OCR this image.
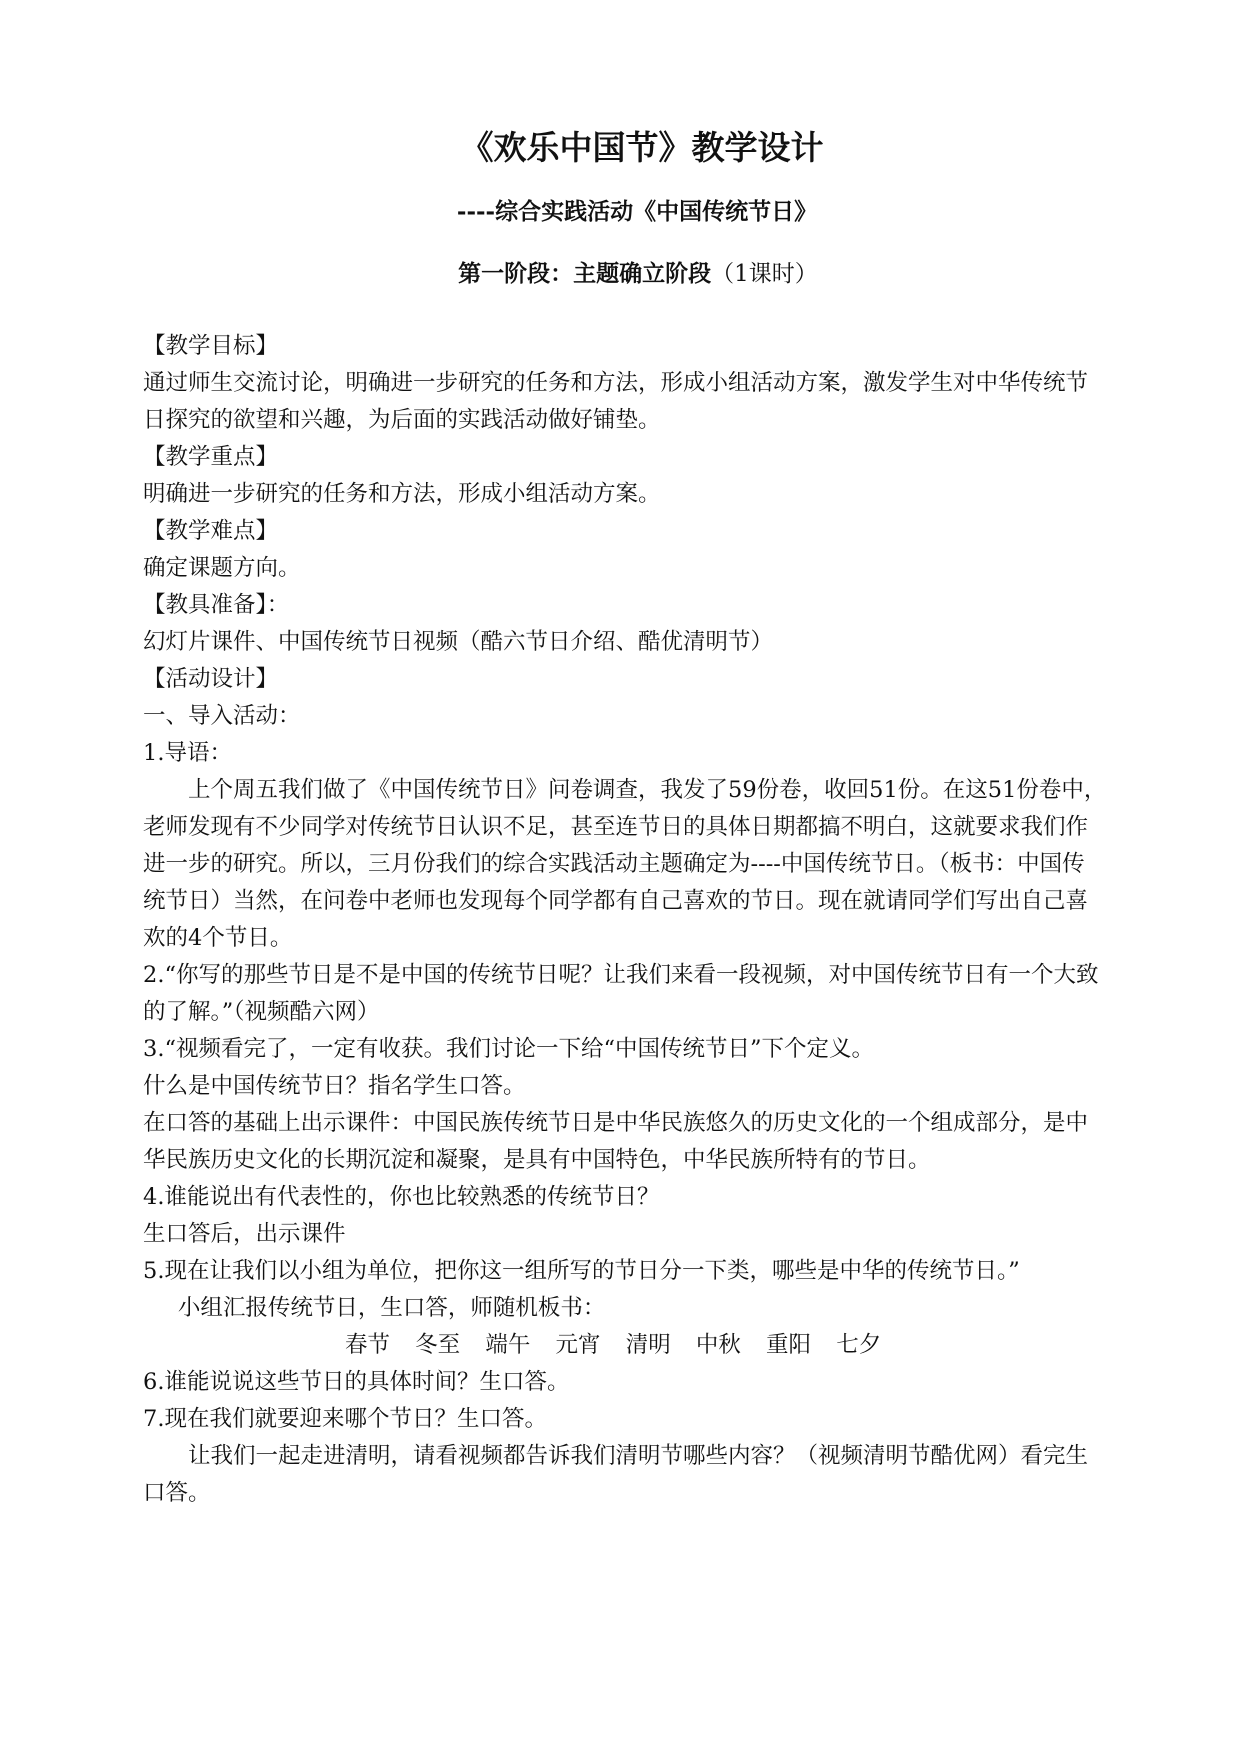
《欢乐中国节》教学设计
----综合实践活动《中国传统节日》

第一阶段：主题确立阶段（1课时）

【教学目标】

通过师生交流讨论，明确进一步研究的任务和方法，形成小组活动方案，激发学生对中华传统节日探究的欲望和兴趣，为后面的实践活动做好铺垫。

【教学重点】

明确进一步研究的任务和方法，形成小组活动方案。

【教学难点】

确定课题方向。

【教具准备】：

幻灯片课件、中国传统节日视频（酷六节日介绍、酷优清明节）

【活动设计】

一、导入活动：

1.导语：

上个周五我们做了《中国传统节日》问卷调查，我发了59份卷，收回51份。在这51份卷中，老师发现有不少同学对传统节日认识不足，甚至连节日的具体日期都搞不明白，这就要求我们作进一步的研究。所以，三月份我们的综合实践活动主题确定为----中国传统节日。（板书：中国传统节日）当然，在问卷中老师也发现每个同学都有自己喜欢的节日。现在就请同学们写出自己喜欢的4个节日。

2.“你写的那些节日是不是中国的传统节日呢？让我们来看一段视频，对中国传统节日有一个大致的了解。”（视频酷六网）

3.“视频看完了，一定有收获。我们讨论一下给“中国传统节日”下个定义。

什么是中国传统节日？指名学生口答。

在口答的基础上出示课件：中国民族传统节日是中华民族悠久的历史文化的一个组成部分，是中华民族历史文化的长期沉淀和凝聚，是具有中国特色，中华民族所特有的节日。

4.谁能说出有代表性的，你也比较熟悉的传统节日？

生口答后，出示课件

5.现在让我们以小组为单位，把你这一组所写的节日分一下类，哪些是中华的传统节日。”

小组汇报传统节日，生口答，师随机板书：

春节 冬至 端午 元宵 清明 中秋 重阳 七夕

6.谁能说说这些节日的具体时间？生口答。

7.现在我们就要迎来哪个节日？生口答。

让我们一起走进清明，请看视频都告诉我们清明节哪些内容？（视频清明节酷优网）看完生口答。
